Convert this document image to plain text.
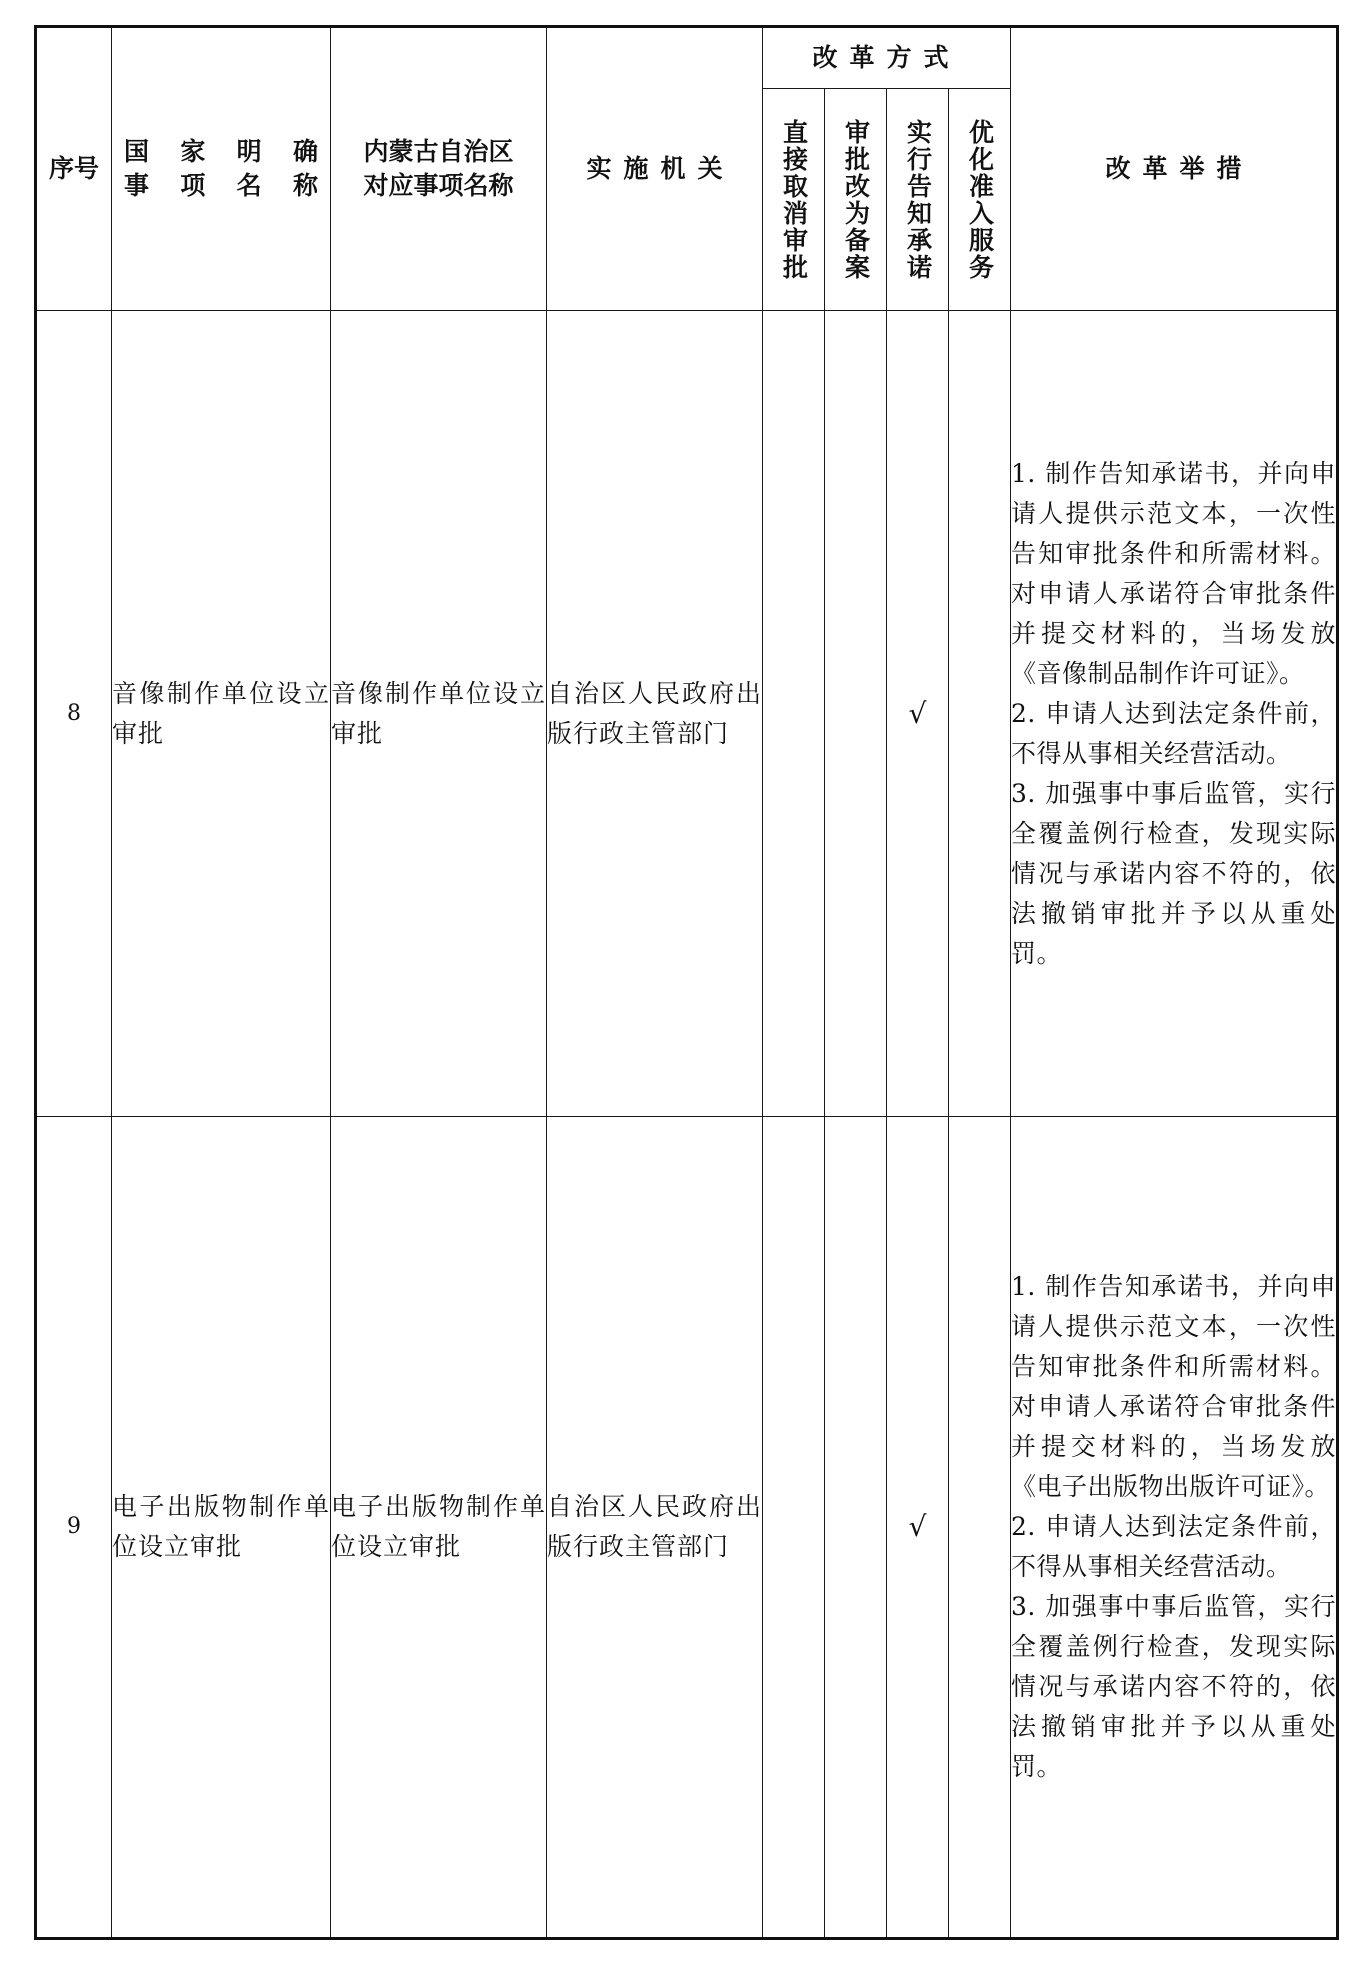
序号	国 家 明 确
事 项 名 称	内蒙古自治区
对应事项名称	实施机关	改革方式				改革举措

				直接取消审批	审批改为备案	实行告知承诺	优化准入服务	

8	音像制作单位设立审批	音像制作单位设立审批	自治区人民政府出版行政主管部门			√		1. 制作告知承诺书，并向申请人提供示范文本，一次性告知审批条件和所需材料。对申请人承诺符合审批条件并提交材料的，当场发放《音像制品制作许可证》。
2. 申请人达到法定条件前，不得从事相关经营活动。
3. 加强事中事后监管，实行全覆盖例行检查，发现实际情况与承诺内容不符的，依法撤销审批并予以从重处罚。

9	电子出版物制作单位设立审批	电子出版物制作单位设立审批	自治区人民政府出版行政主管部门			√		1. 制作告知承诺书，并向申请人提供示范文本，一次性告知审批条件和所需材料。对申请人承诺符合审批条件并提交材料的，当场发放《电子出版物出版许可证》。
2. 申请人达到法定条件前，不得从事相关经营活动。
3. 加强事中事后监管，实行全覆盖例行检查，发现实际情况与承诺内容不符的，依法撤销审批并予以从重处罚。
